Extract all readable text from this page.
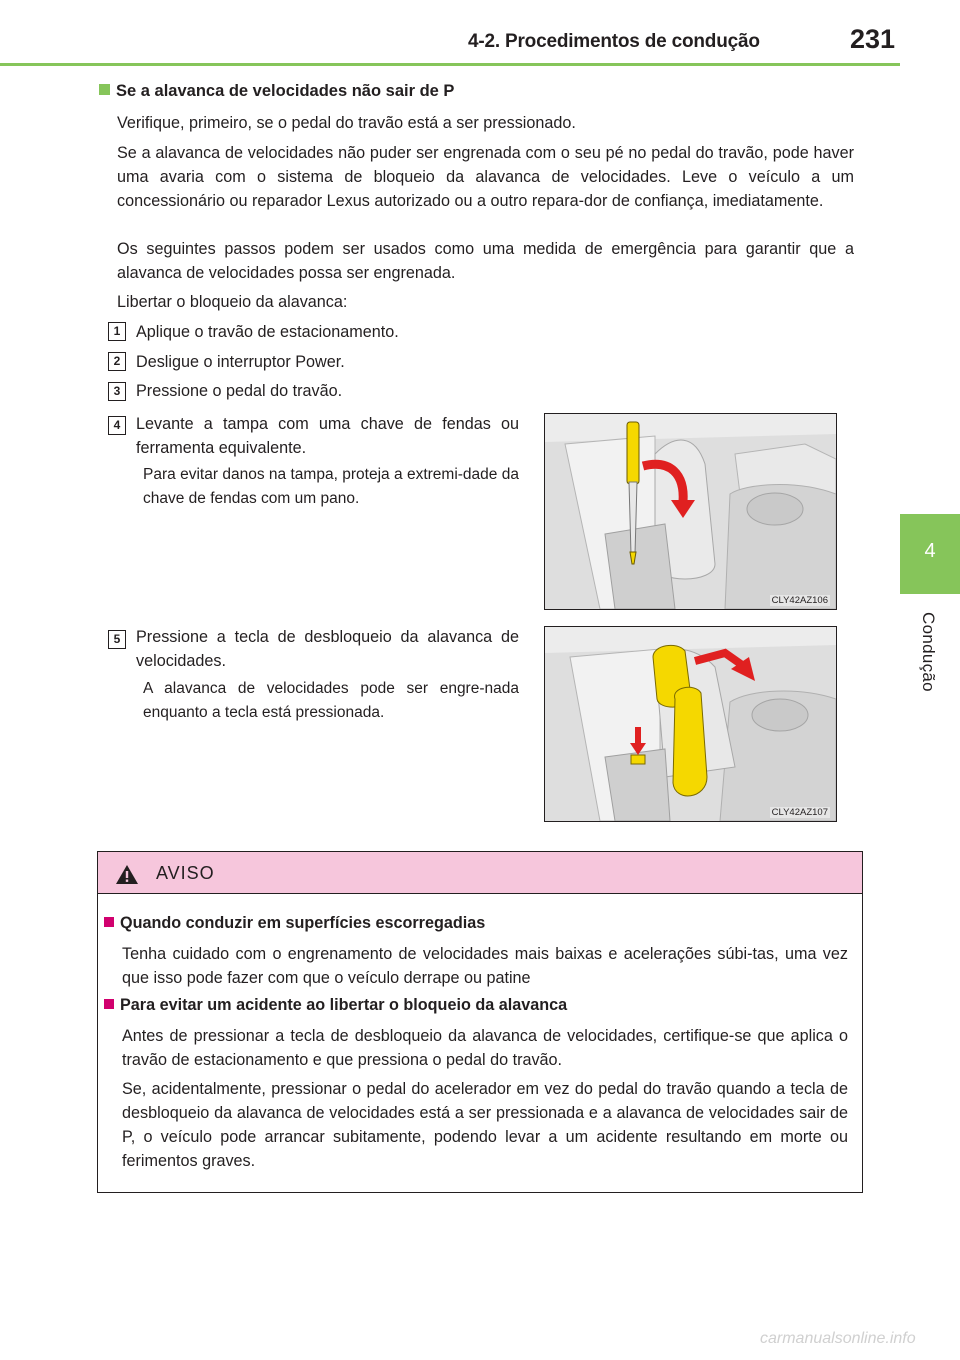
4-2. Procedimentos de condução	231
4
Condução
Se a alavanca de velocidades não sair de P
Verifique, primeiro, se o pedal do travão está a ser pressionado.
Se a alavanca de velocidades não puder ser engrenada com o seu pé no pedal do travão, pode haver uma avaria com o sistema de bloqueio da alavanca de velocidades. Leve o veículo a um concessionário ou reparador Lexus autorizado ou a outro repara-dor de confiança, imediatamente.
Os seguintes passos podem ser usados como uma medida de emergência para garantir que a alavanca de velocidades possa ser engrenada.
Libertar o bloqueio da alavanca:
1 Aplique o travão de estacionamento.
2 Desligue o interruptor Power.
3 Pressione o pedal do travão.
4 Levante a tampa com uma chave de fendas ou ferramenta equivalente.
Para evitar danos na tampa, proteja a extremi-dade da chave de fendas com um pano.
5 Pressione a tecla de desbloqueio da alavanca de velocidades.
A alavanca de velocidades pode ser engre-nada enquanto a tecla está pressionada.
CLY42AZ106
CLY42AZ107
AVISO
Quando conduzir em superfícies escorregadias
Tenha cuidado com o engrenamento de velocidades mais baixas e acelerações súbi-tas, uma vez que isso pode fazer com que o veículo derrape ou patine
Para evitar um acidente ao libertar o bloqueio da alavanca
Antes de pressionar a tecla de desbloqueio da alavanca de velocidades, certifique-se que aplica o travão de estacionamento e que pressiona o pedal do travão.
Se, acidentalmente, pressionar o pedal do acelerador em vez do pedal do travão quando a tecla de desbloqueio da alavanca de velocidades está a ser pressionada e a alavanca de velocidades sair de P, o veículo pode arrancar subitamente, podendo levar a um acidente resultando em morte ou ferimentos graves.
carmanualsonline.info
